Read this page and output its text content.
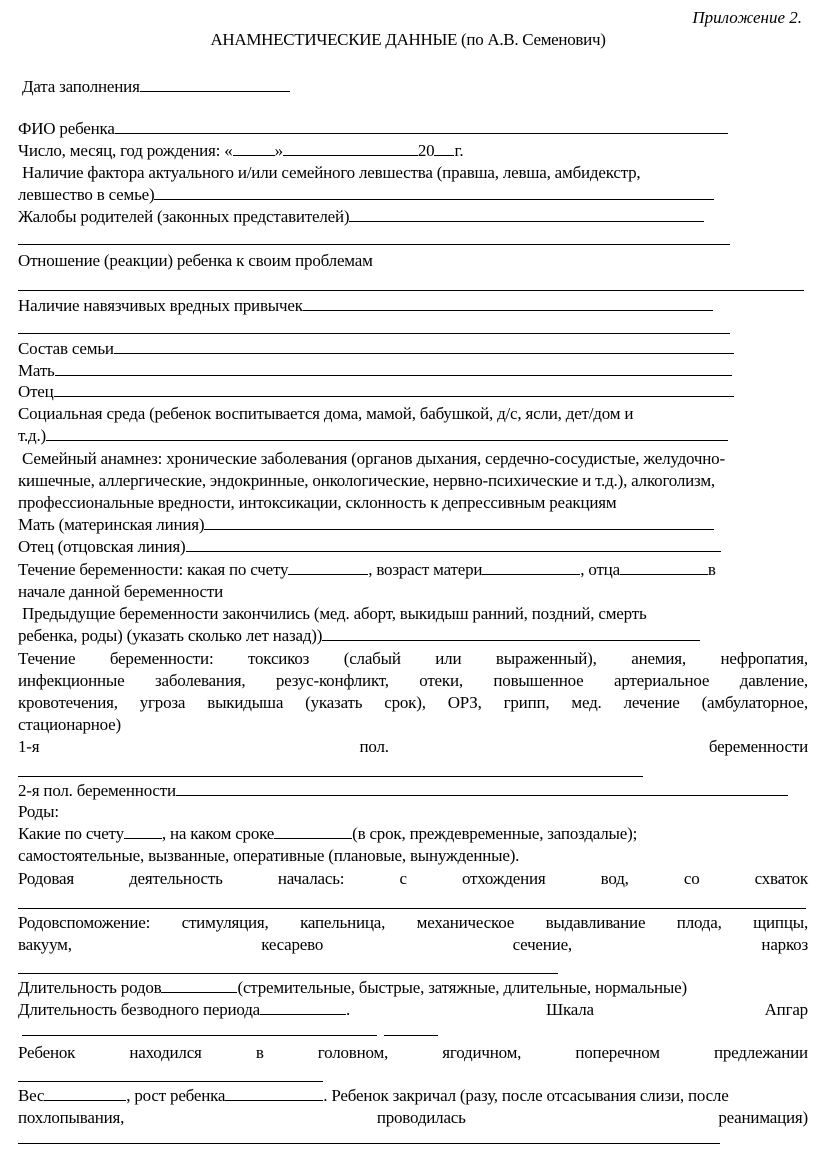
Приложение 2.
АНАМНЕСТИЧЕСКИЕ ДАННЫЕ (по А.В. Семенович)
Дата заполнения
ФИО ребенка
Число, месяц, год рождения: « »	20 г.
Наличие фактора актуального и/или семейного левшества (правша, левша, амбидекстр,
левшество в семье)
Жалобы родителей (законных представителей)
Отношение (реакции) ребенка к своим проблемам
Наличие навязчивых вредных привычек
Состав семьи
Мать
Отец
Социальная среда (ребенок воспитывается дома, мамой, бабушкой, д/с, ясли, дет/дом и
т.д.)
Семейный анамнез: хронические заболевания (органов дыхания, сердечно-сосудистые, желудочно-
кишечные, аллергические, эндокринные, онкологические, нервно-психические и т.д.), алкоголизм,
профессиональные вредности, интоксикации, склонность к депрессивным реакциям
Мать (материнская линия)
Отец (отцовская линия)
Течение беременности: какая по счету	, возраст матери	, отца	в
начале данной беременности
Предыдущие беременности закончились (мед. аборт, выкидыш ранний, поздний, смерть
ребенка, роды) (указать сколько лет назад))
Течение беременности: токсикоз (слабый или выраженный), анемия, нефропатия,
инфекционные заболевания, резус-конфликт, отеки, повышенное артериальное давление,
кровотечения, угроза выкидыша (указать срок), ОРЗ, грипп, мед. лечение (амбулаторное,
стационарное)
1-я	пол.	беременности
2-я пол. беременности
Роды:
Какие по счету , на каком сроке	(в срок, преждевременные, запоздалые);
самостоятельные, вызванные, оперативные (плановые, вынужденные).
Родовая	деятельность	началась:	с	отхождения	вод,	со	схваток
Родовспоможение: стимуляция, капельница, механическое выдавливание плода, щипцы,
вакуум,	кесарево	сечение,	наркоз
Длительность родов	(стремительные, быстрые, затяжные, длительные, нормальные)
Длительность безводного периода	.	Шкала	Апгар
Ребенок	находился	в	головном,	ягодичном,	поперечном	предлежании
Вес	, рост ребенка	. Ребенок закричал (разу, после отсасывания слизи, после
похлопывания,	проводилась	реанимация)
